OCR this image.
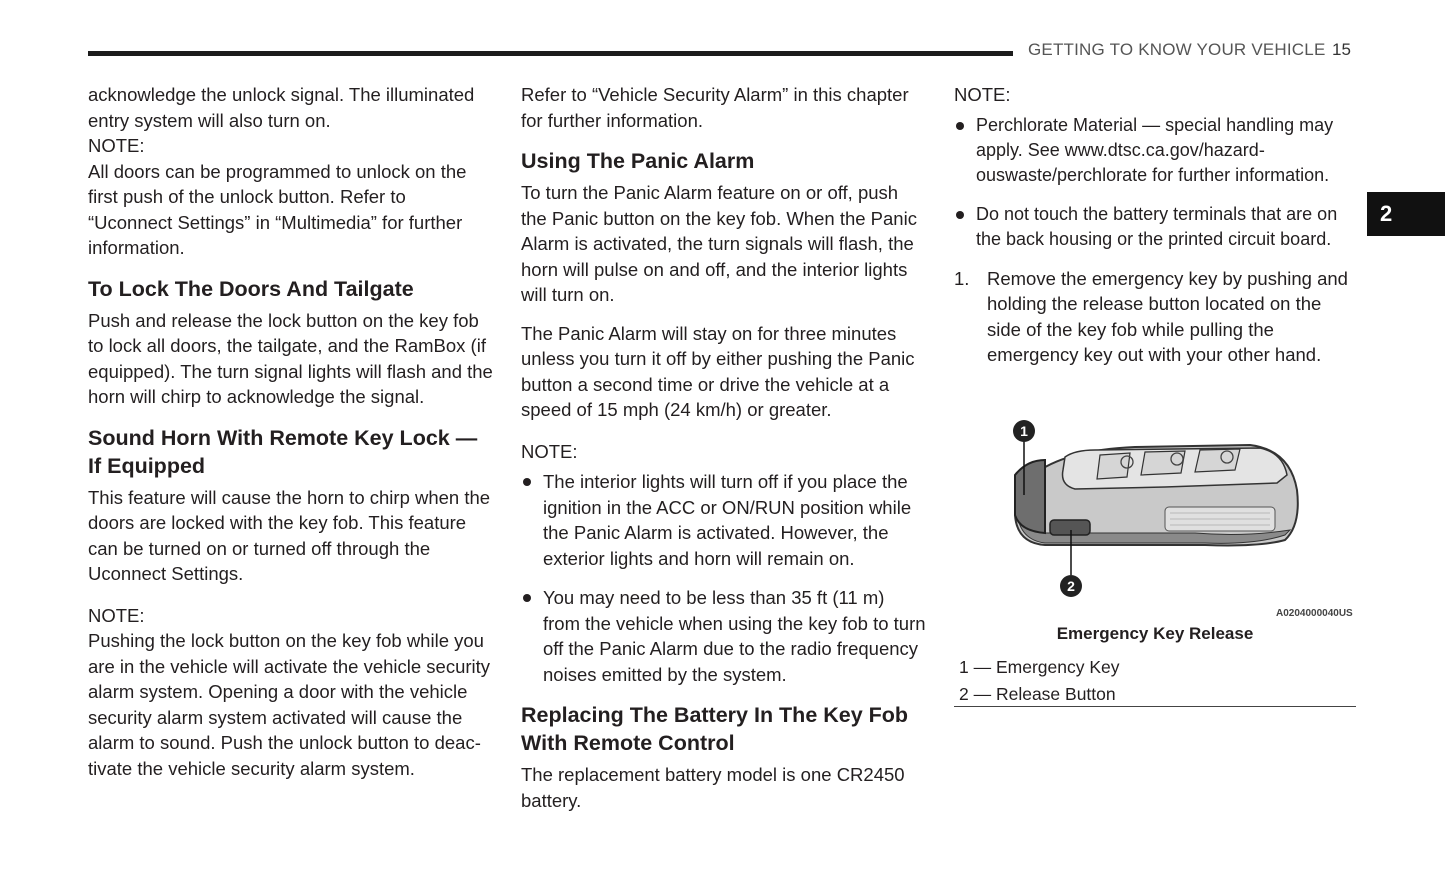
GETTING TO KNOW YOUR VEHICLE 15
2

acknowledge the unlock signal. The illuminated entry system will also turn on.

NOTE:

All doors can be programmed to unlock on the first push of the unlock button. Refer to “Uconnect Settings” in “Multimedia” for further information.

To Lock The Doors And Tailgate

Push and release the lock button on the key fob to lock all doors, the tailgate, and the RamBox (if equipped). The turn signal lights will flash and the horn will chirp to acknowledge the signal.

Sound Horn With Remote Key Lock — If Equipped

This feature will cause the horn to chirp when the doors are locked with the key fob. This feature can be turned on or turned off through the Uconnect Settings.

NOTE:

Pushing the lock button on the key fob while you are in the vehicle will activate the vehicle security alarm system. Opening a door with the vehicle security alarm system activated will cause the alarm to sound. Push the unlock button to deac-tivate the vehicle security alarm system.

Refer to “Vehicle Security Alarm” in this chapter for further information.

Using The Panic Alarm

To turn the Panic Alarm feature on or off, push the Panic button on the key fob. When the Panic Alarm is activated, the turn signals will flash, the horn will pulse on and off, and the interior lights will turn on.

The Panic Alarm will stay on for three minutes unless you turn it off by either pushing the Panic button a second time or drive the vehicle at a speed of 15 mph (24 km/h) or greater.

NOTE:

The interior lights will turn off if you place the ignition in the ACC or ON/RUN position while the Panic Alarm is activated. However, the exterior lights and horn will remain on.
You may need to be less than 35 ft (11 m) from the vehicle when using the key fob to turn off the Panic Alarm due to the radio frequency noises emitted by the system.
Replacing The Battery In The Key Fob With Remote Control

The replacement battery model is one CR2450 battery.

NOTE:

Perchlorate Material — special handling may apply. See www.dtsc.ca.gov/hazard-ouswaste/perchlorate for further information.
Do not touch the battery terminals that are on the back housing or the printed circuit board.
1. Remove the emergency key by pushing and holding the release button located on the side of the key fob while pulling the emergency key out with your other hand.
1
2
A0204000040US
Emergency Key Release
1 — Emergency Key
2 — Release Button
